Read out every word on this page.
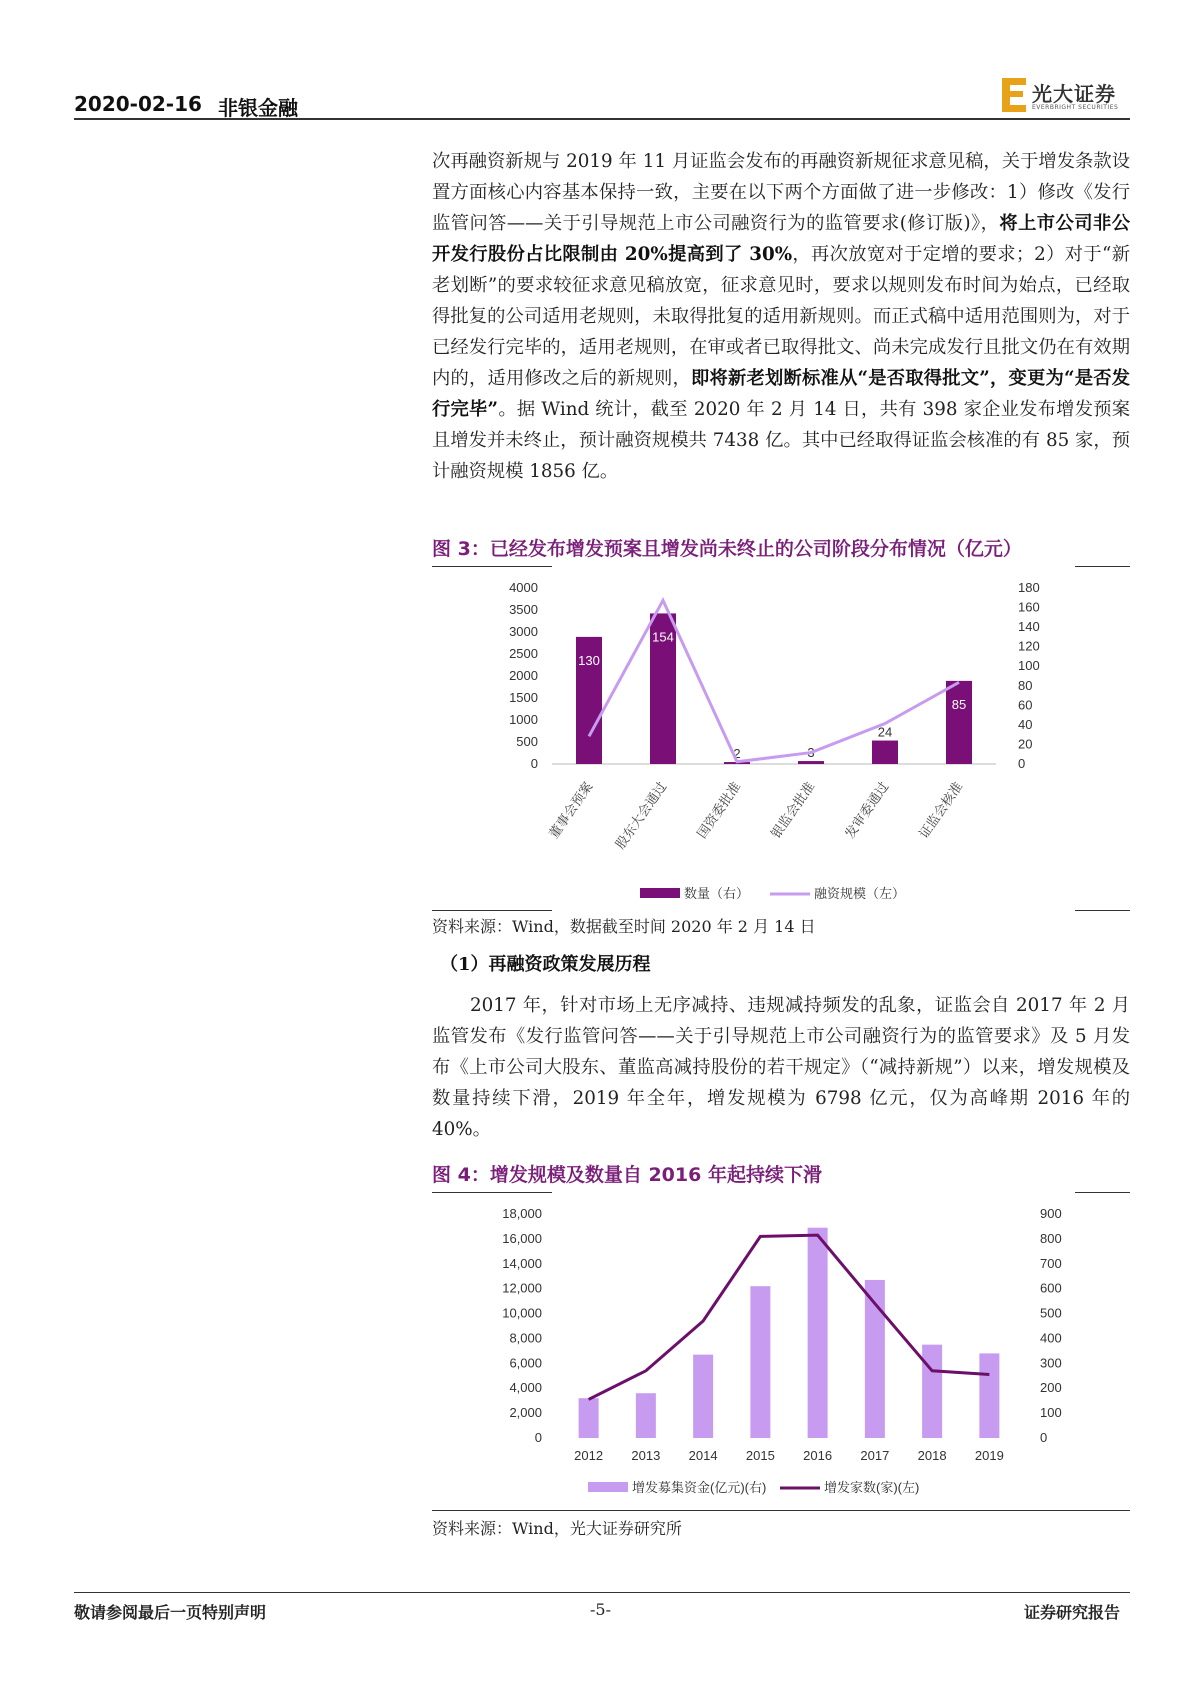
2020-02-16 非银金融
光大证券
EVERBRIGHT SECURITIES
次再融资新规与 2019 年 11 月证监会发布的再融资新规征求意见稿，关于增发条款设置方面核心内容基本保持一致，主要在以下两个方面做了进一步修改：1）修改《发行监管问答——关于引导规范上市公司融资行为的监管要求(修订版)》，将上市公司非公开发行股份占比限制由 20%提高到了 30%，再次放宽对于定增的要求；2）对于“新老划断”的要求较征求意见稿放宽，征求意见时，要求以规则发布时间为始点，已经取得批复的公司适用老规则，未取得批复的适用新规则。而正式稿中适用范围则为，对于已经发行完毕的，适用老规则，在审或者已取得批文、尚未完成发行且批文仍在有效期内的，适用修改之后的新规则，即将新老划断标准从“是否取得批文”，变更为“是否发行完毕”。据 Wind 统计，截至 2020 年 2 月 14 日，共有 398 家企业发布增发预案且增发并未终止，预计融资规模共 7438 亿。其中已经取得证监会核准的有 85 家，预计融资规模 1856 亿。
图 3：已经发布增发预案且增发尚未终止的公司阶段分布情况（亿元）
4000
3500
3000
2500
2000
1500
1000
500
0
180
160
140
120
100
80
60
40
20
0
130
董事会预案
154
股东大会通过
2
国资委批准
3
银监会批准
24
发审委通过
85
证监会核准
数量（右）	融资规模（左）
资料来源：Wind，数据截至时间 2020 年 2 月 14 日
（1）再融资政策发展历程
2017 年，针对市场上无序减持、违规减持频发的乱象，证监会自 2017 年 2 月监管发布《发行监管问答——关于引导规范上市公司融资行为的监管要求》及 5 月发布《上市公司大股东、董监高减持股份的若干规定》（“减持新规”）以来，增发规模及数量持续下滑，2019 年全年，增发规模为 6798 亿元，仅为高峰期 2016 年的 40%。
图 4：增发规模及数量自 2016 年起持续下滑
18,000
16,000
14,000
12,000
10,000
8,000
6,000
4,000
2,000
0
900
800
700
600
500
400
300
200
100
0
2012 2013 2014 2015 2016 2017 2018 2019
增发募集资金(亿元)(右)	增发家数(家)(左)
资料来源：Wind，光大证券研究所
敬请参阅最后一页特别声明	-5-	证券研究报告
